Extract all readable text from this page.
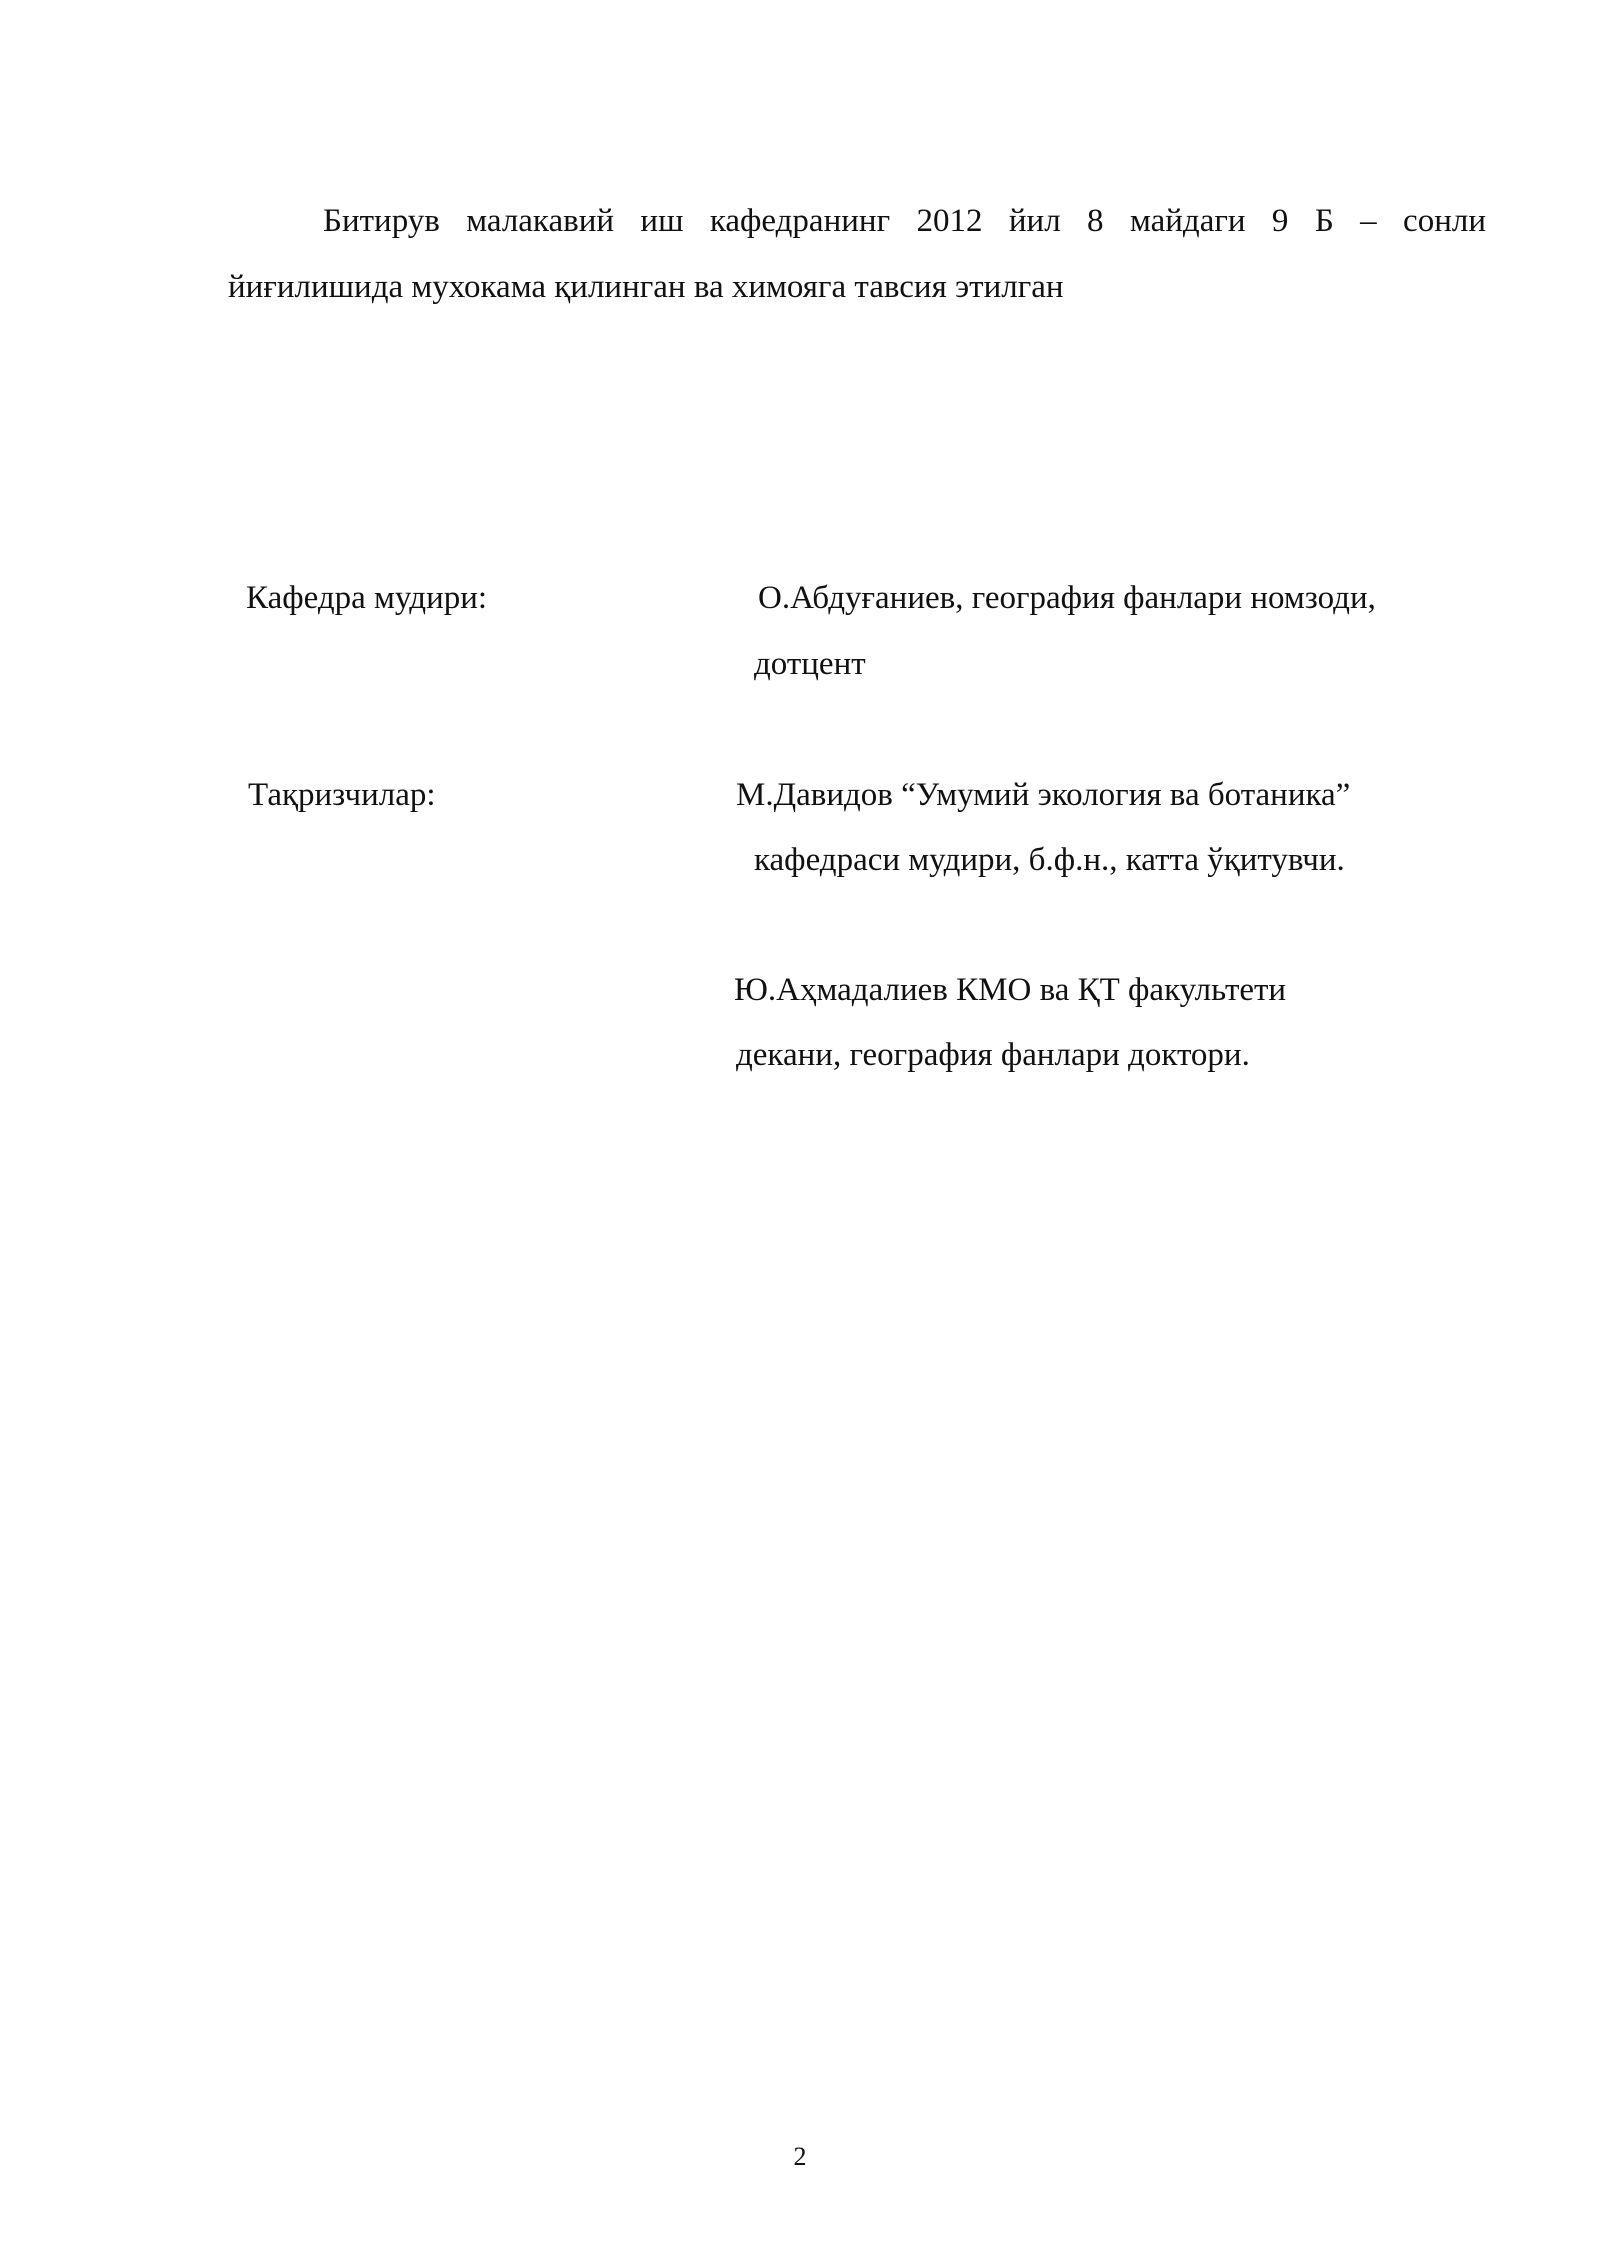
Битирув малакавий иш кафедранинг 2012 йил 8 майдаги 9 Б – сонли
йиғилишида мухокама қилинган ва химояга тавсия этилган
Кафедра мудири:	О.Абдуғаниев, география фанлари номзоди,
дотцент
Тақризчилар:	М.Давидов “Умумий экология ва ботаника”
кафедраси мудири, б.ф.н., катта ўқитувчи.
Ю.Аҳмадалиев КМО ва ҚТ факультети
декани, география фанлари доктори.
2
